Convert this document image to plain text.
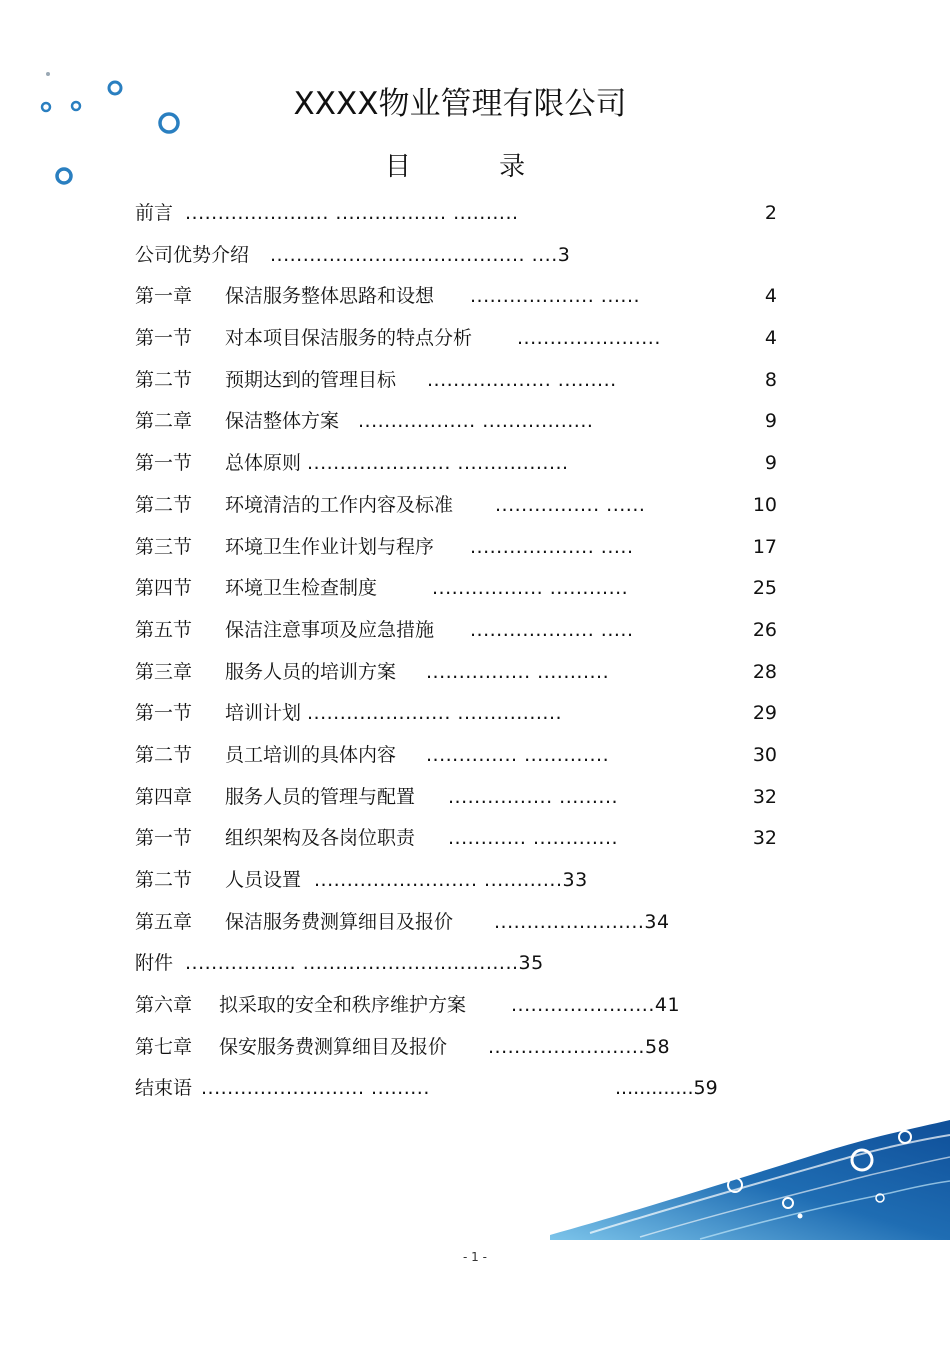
XXXX物业管理有限公司
目 录
前言 ...................... ................. ..........	2
公司优势介绍 ....................................... ....3
第一章 保洁服务整体思路和设想 ................... ......	4
第一节 对本项目保洁服务的特点分析 ......................	4
第二节 预期达到的管理目标 ................... .........	8
第二章 保洁整体方案 .................. .................	9
第一节 总体原则 ...................... .................	9
第二节 环境清洁的工作内容及标准 ................ ......	10
第三节 环境卫生作业计划与程序 ................... .....	17
第四节 环境卫生检查制度	................. ............	25
第五节 保洁注意事项及应急措施 ................... .....	26
第三章 服务人员的培训方案 ................ ...........	28
第一节 培训计划 ...................... ................	29
第二节 员工培训的具体内容 .............. .............	30
第四章 服务人员的管理与配置 ................ .........	32
第一节 组织架构及各岗位职责 ............ .............	32
第二节 人员设置 ......................... ............33
第五章 保洁服务费测算细目及报价 .......................34
附件 ................. .................................35
第六章 拟采取的安全和秩序维护方案 ......................41
第七章 保安服务费测算细目及报价 ........................58
结束语 ......................... .........	.............59
- 1 -
